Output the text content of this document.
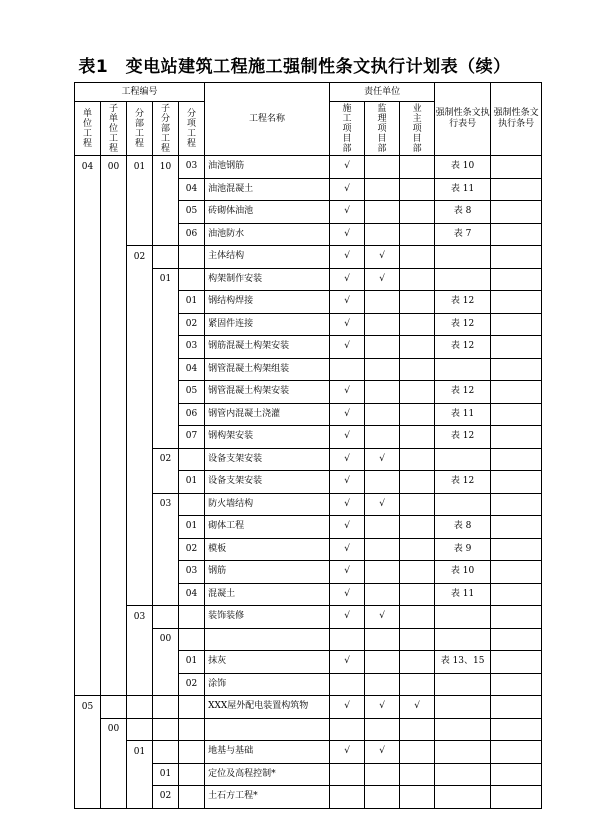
表1　变电站建筑工程施工强制性条文执行计划表（续）
工程编号					工程名称	责任单位			强制性条文执行表号	强制性条文执行条号
单位工程	子单位工程	分部工程	子分部工程	分项工程		施工项目部	监理项目部	业主项目部		
04	00	01	10	03	油池钢筋	√			表 10	
				04	油池混凝土	√			表 11	
				05	砖砌体油池	√			表 8	
				06	油池防水	√			表 7	
		02			主体结构	√	√			
			01		构架制作安装	√	√			
				01	钢结构焊接	√			表 12	
				02	紧固件连接	√			表 12	
				03	钢筋混凝土构架安装	√			表 12	
				04	钢管混凝土构架组装					
				05	钢管混凝土构架安装	√			表 12	
				06	钢管内混凝土浇灌	√			表 11	
				07	钢构架安装	√			表 12	
			02		设备支架安装	√	√			
				01	设备支架安装	√			表 12	
			03		防火墙结构	√	√			
				01	砌体工程	√			表 8	
				02	模板	√			表 9	
				03	钢筋	√			表 10	
				04	混凝土	√			表 11	
		03			装饰装修	√	√			
			00							
				01	抹灰	√			表 13、15	
				02	涂饰					
05					XXX屋外配电装置构筑物	√	√	√		
	00									
		01			地基与基础	√	√			
			01		定位及高程控制*					
			02		土石方工程*					
